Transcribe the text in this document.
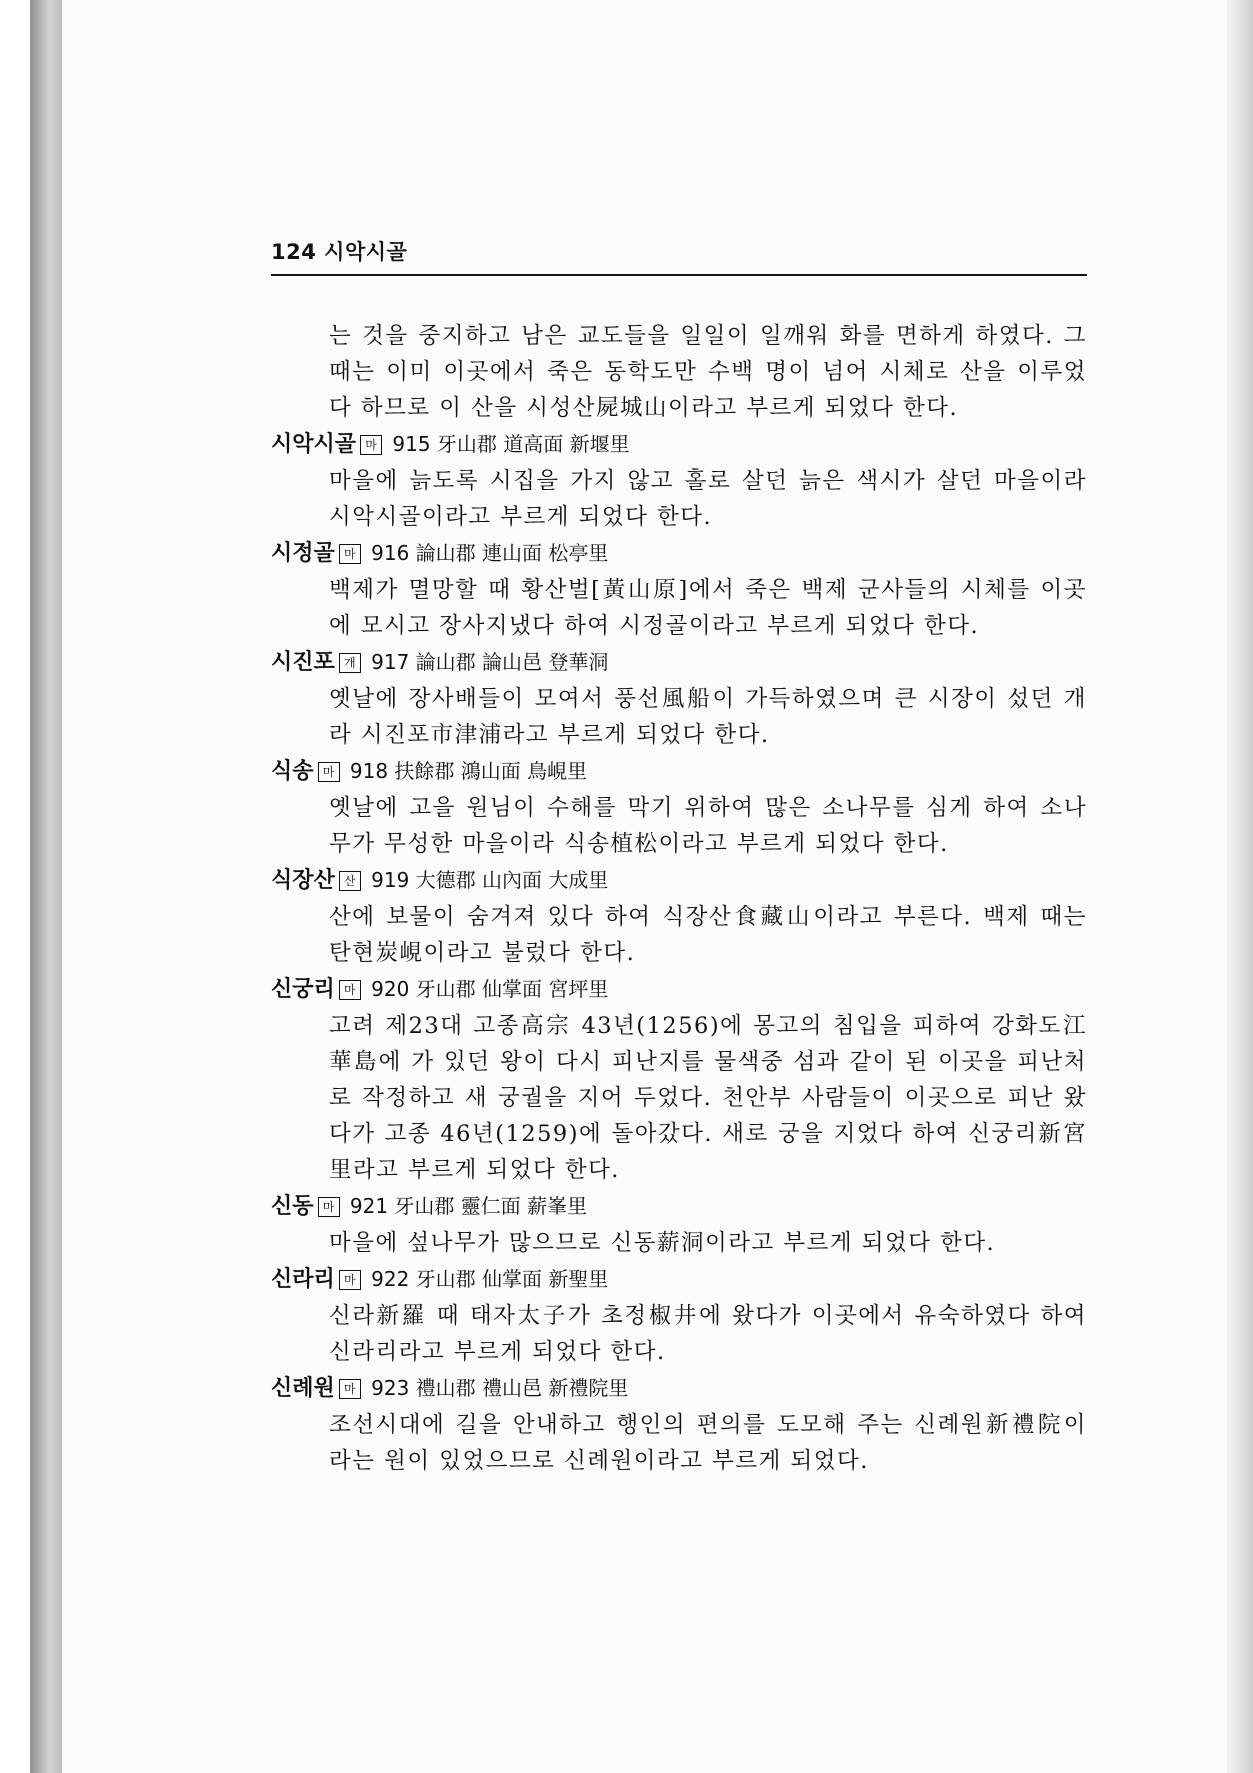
124 시악시골
는 것을 중지하고 남은 교도들을 일일이 일깨워 화를 면하게 하였다. 그때는 이미 이곳에서 죽은 동학도만 수백 명이 넘어 시체로 산을 이루었다 하므로 이 산을 시성산屍城山이라고 부르게 되었다 한다.
시악시골 마 915 牙山郡 道高面 新堰里
마을에 늙도록 시집을 가지 않고 홀로 살던 늙은 색시가 살던 마을이라 시악시골이라고 부르게 되었다 한다.
시정골 마 916 論山郡 連山面 松亭里
백제가 멸망할 때 황산벌[黃山原]에서 죽은 백제 군사들의 시체를 이곳에 모시고 장사지냈다 하여 시정골이라고 부르게 되었다 한다.
시진포 개 917 論山郡 論山邑 登華洞
옛날에 장사배들이 모여서 풍선風船이 가득하였으며 큰 시장이 섰던 개라 시진포市津浦라고 부르게 되었다 한다.
식송 마 918 扶餘郡 鴻山面 鳥峴里
옛날에 고을 원님이 수해를 막기 위하여 많은 소나무를 심게 하여 소나무가 무성한 마을이라 식송植松이라고 부르게 되었다 한다.
식장산 산 919 大德郡 山內面 大成里
산에 보물이 숨겨져 있다 하여 식장산食藏山이라고 부른다. 백제 때는 탄현炭峴이라고 불렀다 한다.
신궁리 마 920 牙山郡 仙掌面 宮坪里
고려 제23대 고종高宗 43년(1256)에 몽고의 침입을 피하여 강화도江華島에 가 있던 왕이 다시 피난지를 물색중 섬과 같이 된 이곳을 피난처로 작정하고 새 궁궐을 지어 두었다. 천안부 사람들이 이곳으로 피난 왔다가 고종 46년(1259)에 돌아갔다. 새로 궁을 지었다 하여 신궁리新宮里라고 부르게 되었다 한다.
신동 마 921 牙山郡 靈仁面 薪峯里
마을에 섶나무가 많으므로 신동薪洞이라고 부르게 되었다 한다.
신라리 마 922 牙山郡 仙掌面 新聖里
신라新羅 때 태자太子가 초정椒井에 왔다가 이곳에서 유숙하였다 하여 신라리라고 부르게 되었다 한다.
신례원 마 923 禮山郡 禮山邑 新禮院里
조선시대에 길을 안내하고 행인의 편의를 도모해 주는 신례원新禮院이라는 원이 있었으므로 신례원이라고 부르게 되었다.
